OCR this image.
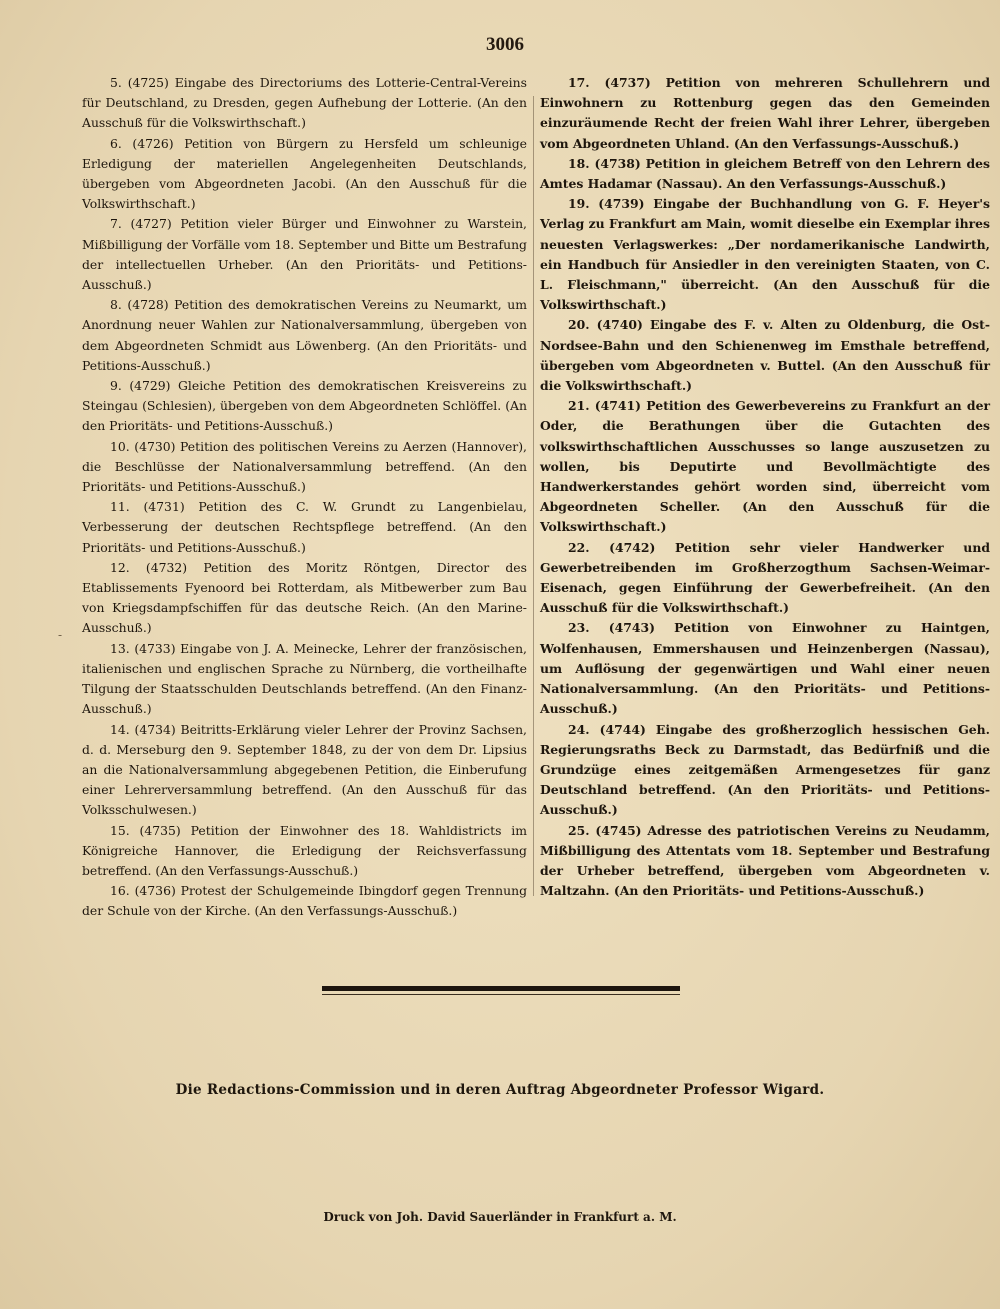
3006
-

5. (4725) Eingabe des Directoriums des Lotterie-Central-Vereins für Deutschland, zu Dresden, gegen Aufhebung der Lotterie. (An den Ausschuß für die Volkswirthschaft.)

6. (4726) Petition von Bürgern zu Hersfeld um schleunige Erledigung der materiellen Angelegenheiten Deutschlands, übergeben vom Abgeordneten Jacobi. (An den Ausschuß für die Volkswirthschaft.)

7. (4727) Petition vieler Bürger und Einwohner zu Warstein, Mißbilligung der Vorfälle vom 18. September und Bitte um Bestrafung der intellectuellen Urheber. (An den Prioritäts- und Petitions-Ausschuß.)

8. (4728) Petition des demokratischen Vereins zu Neumarkt, um Anordnung neuer Wahlen zur Nationalversammlung, übergeben von dem Abgeordneten Schmidt aus Löwenberg. (An den Prioritäts- und Petitions-Ausschuß.)

9. (4729) Gleiche Petition des demokratischen Kreisvereins zu Steingau (Schlesien), übergeben von dem Abgeordneten Schlöffel. (An den Prioritäts- und Petitions-Ausschuß.)

10. (4730) Petition des politischen Vereins zu Aerzen (Hannover), die Beschlüsse der Nationalversammlung betreffend. (An den Prioritäts- und Petitions-Ausschuß.)

11. (4731) Petition des C. W. Grundt zu Langenbielau, Verbesserung der deutschen Rechtspflege betreffend. (An den Prioritäts- und Petitions-Ausschuß.)

12. (4732) Petition des Moritz Röntgen, Director des Etablissements Fyenoord bei Rotterdam, als Mitbewerber zum Bau von Kriegsdampfschiffen für das deutsche Reich. (An den Marine-Ausschuß.)

13. (4733) Eingabe von J. A. Meinecke, Lehrer der französischen, italienischen und englischen Sprache zu Nürnberg, die vortheilhafte Tilgung der Staatsschulden Deutschlands betreffend. (An den Finanz-Ausschuß.)

14. (4734) Beitritts-Erklärung vieler Lehrer der Provinz Sachsen, d. d. Merseburg den 9. September 1848, zu der von dem Dr. Lipsius an die Nationalversammlung abgegebenen Petition, die Einberufung einer Lehrerversammlung betreffend. (An den Ausschuß für das Volksschulwesen.)

15. (4735) Petition der Einwohner des 18. Wahldistricts im Königreiche Hannover, die Erledigung der Reichsverfassung betreffend. (An den Verfassungs-Ausschuß.)

16. (4736) Protest der Schulgemeinde Ibingdorf gegen Trennung der Schule von der Kirche. (An den Verfassungs-Ausschuß.)

17. (4737) Petition von mehreren Schullehrern und Einwohnern zu Rottenburg gegen das den Gemeinden einzuräumende Recht der freien Wahl ihrer Lehrer, übergeben vom Abgeordneten Uhland. (An den Verfassungs-Ausschuß.)

18. (4738) Petition in gleichem Betreff von den Lehrern des Amtes Hadamar (Nassau). An den Verfassungs-Ausschuß.)

19. (4739) Eingabe der Buchhandlung von G. F. Heyer's Verlag zu Frankfurt am Main, womit dieselbe ein Exemplar ihres neuesten Verlagswerkes: „Der nordamerikanische Landwirth, ein Handbuch für Ansiedler in den vereinigten Staaten, von C. L. Fleischmann," überreicht. (An den Ausschuß für die Volkswirthschaft.)

20. (4740) Eingabe des F. v. Alten zu Oldenburg, die Ost-Nordsee-Bahn und den Schienenweg im Emsthale betreffend, übergeben vom Abgeordneten v. Buttel. (An den Ausschuß für die Volkswirthschaft.)

21. (4741) Petition des Gewerbevereins zu Frankfurt an der Oder, die Berathungen über die Gutachten des volkswirthschaftlichen Ausschusses so lange auszusetzen zu wollen, bis Deputirte und Bevollmächtigte des Handwerkerstandes gehört worden sind, überreicht vom Abgeordneten Scheller. (An den Ausschuß für die Volkswirthschaft.)

22. (4742) Petition sehr vieler Handwerker und Gewerbetreibenden im Großherzogthum Sachsen-Weimar-Eisenach, gegen Einführung der Gewerbefreiheit. (An den Ausschuß für die Volkswirthschaft.)

23. (4743) Petition von Einwohner zu Haintgen, Wolfenhausen, Emmershausen und Heinzenbergen (Nassau), um Auflösung der gegenwärtigen und Wahl einer neuen Nationalversammlung. (An den Prioritäts- und Petitions-Ausschuß.)

24. (4744) Eingabe des großherzoglich hessischen Geh. Regierungsraths Beck zu Darmstadt, das Bedürfniß und die Grundzüge eines zeitgemäßen Armengesetzes für ganz Deutschland betreffend. (An den Prioritäts- und Petitions-Ausschuß.)

25. (4745) Adresse des patriotischen Vereins zu Neudamm, Mißbilligung des Attentats vom 18. September und Bestrafung der Urheber betreffend, übergeben vom Abgeordneten v. Maltzahn. (An den Prioritäts- und Petitions-Ausschuß.)

Die Redactions-Commission und in deren Auftrag Abgeordneter Professor Wigard.
Druck von Joh. David Sauerländer in Frankfurt a. M.
